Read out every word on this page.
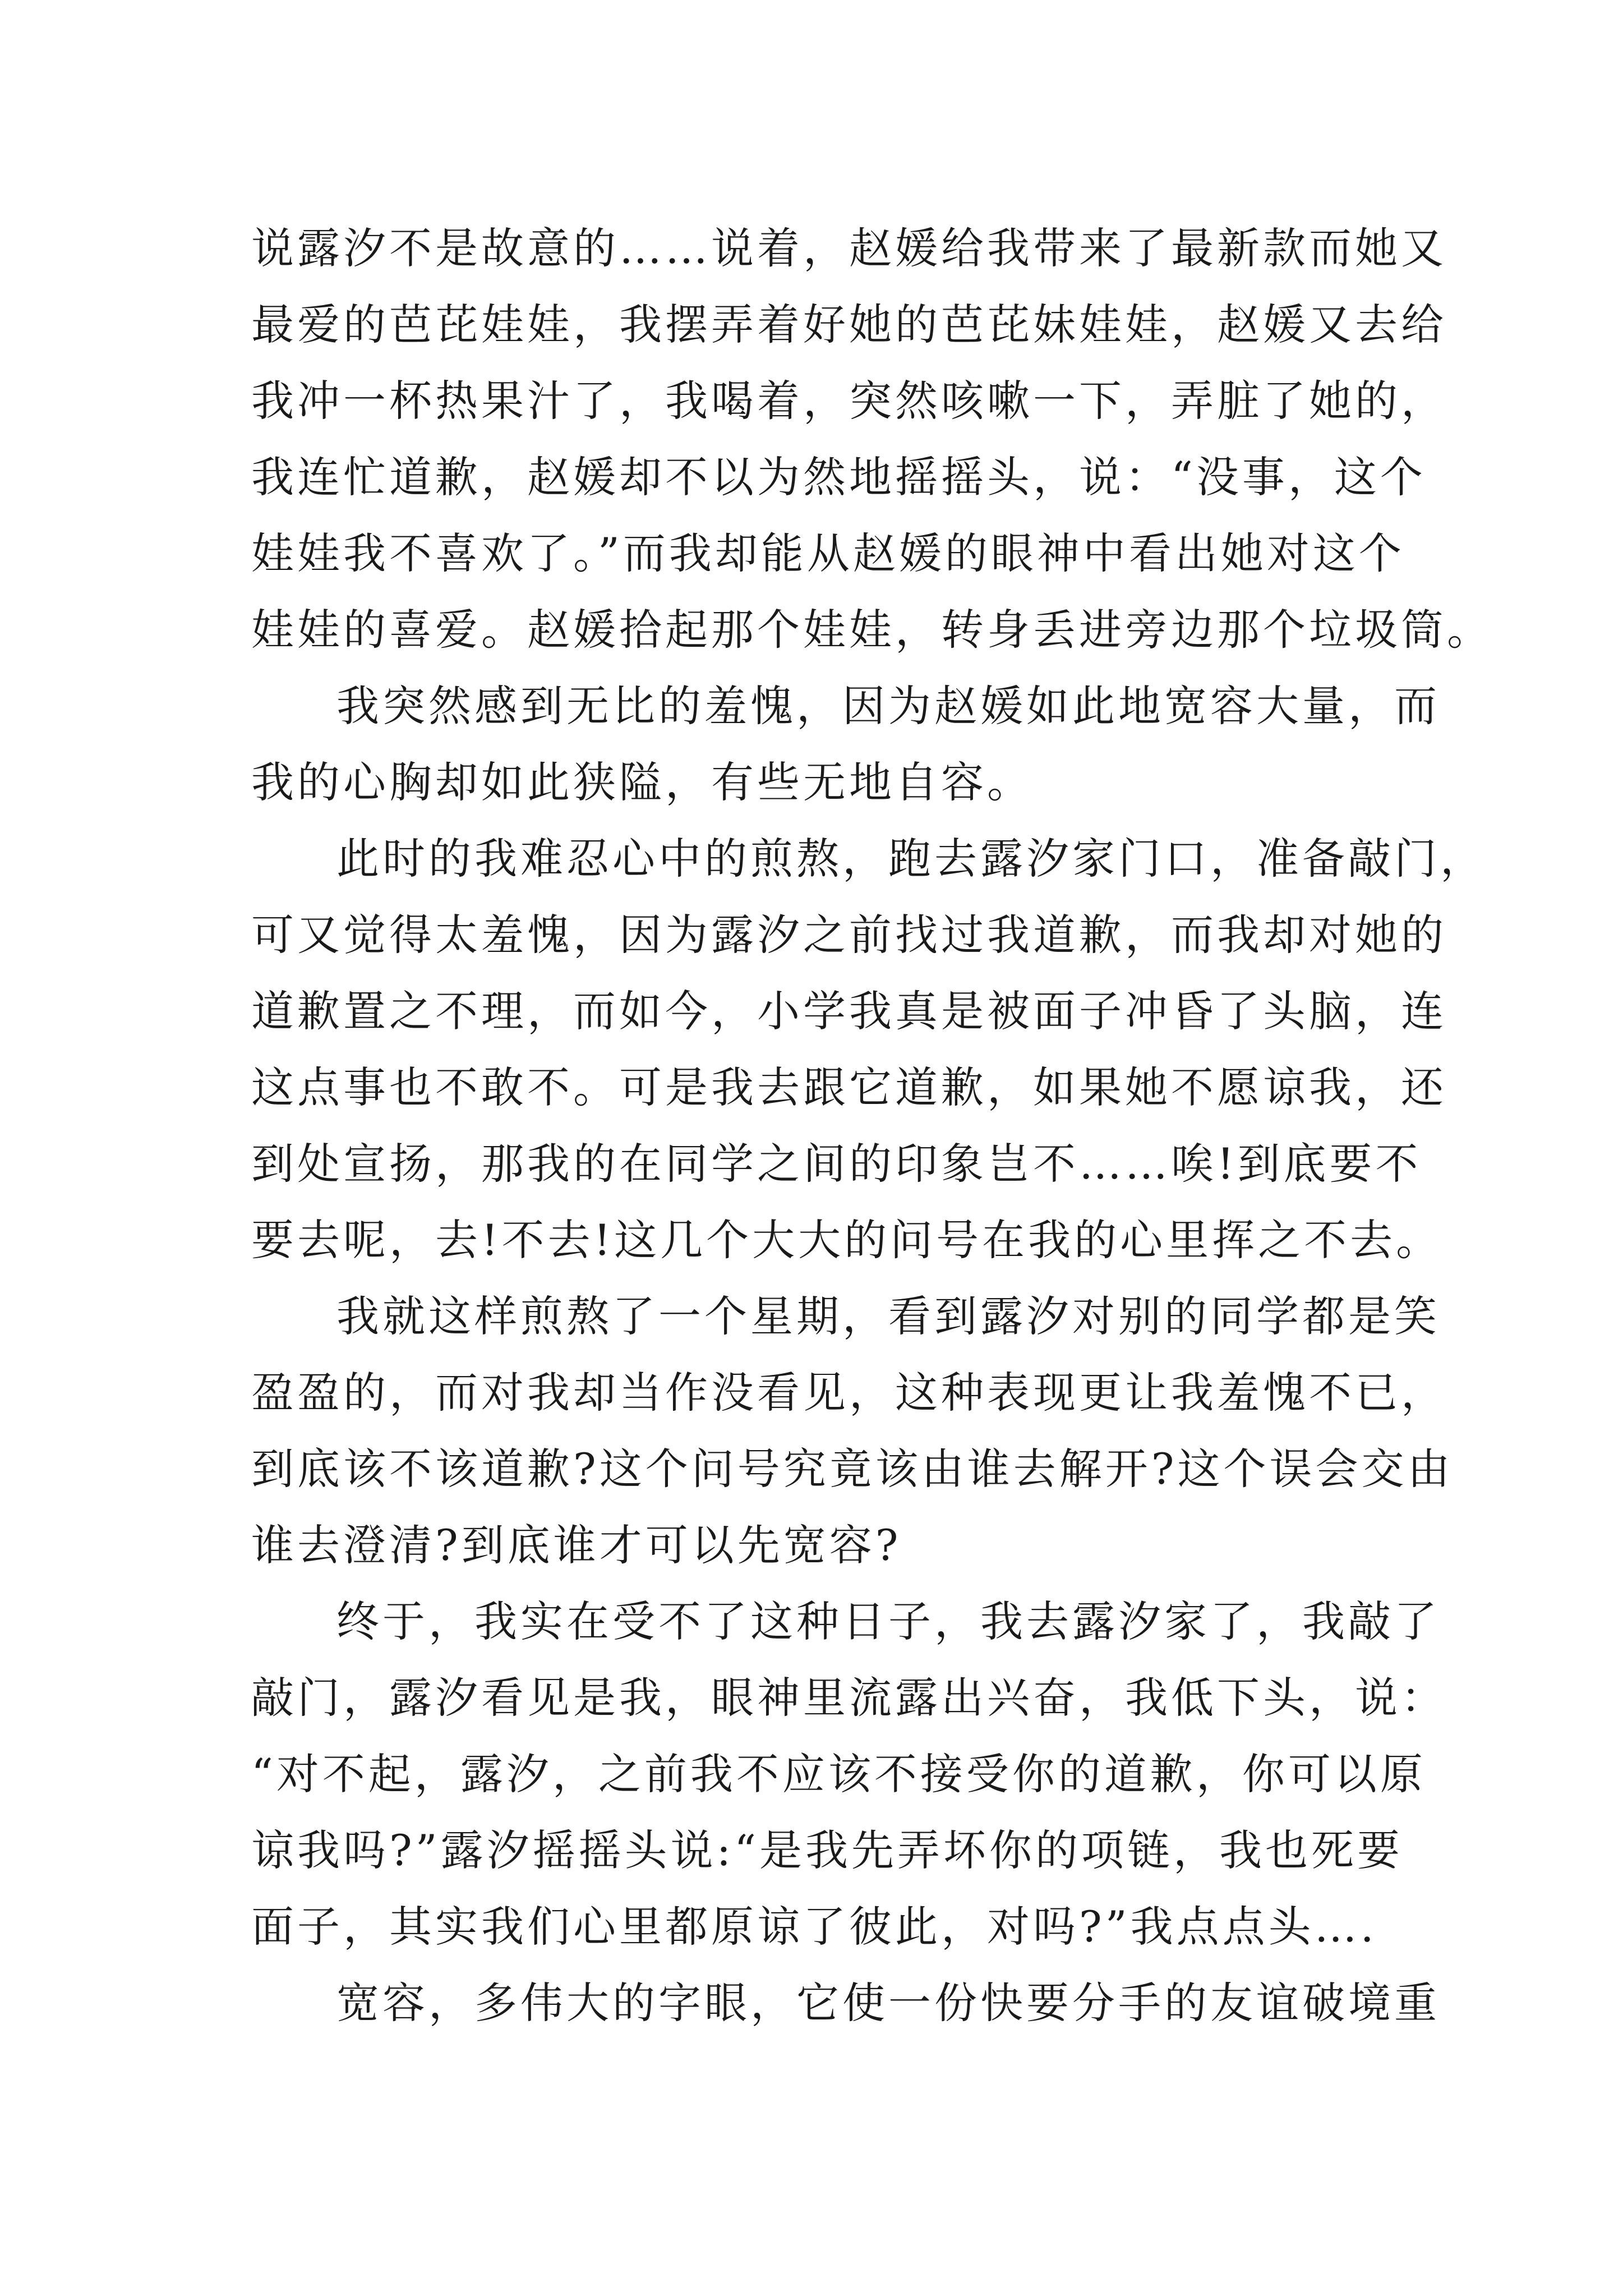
说露汐不是故意的……说着，赵媛给我带来了最新款而她又
最爱的芭芘娃娃，我摆弄着好她的芭芘妹娃娃，赵媛又去给
我冲一杯热果汁了，我喝着，突然咳嗽一下，弄脏了她的，
我连忙道歉，赵媛却不以为然地摇摇头，说：“没事，这个
娃娃我不喜欢了。”而我却能从赵媛的眼神中看出她对这个
娃娃的喜爱。赵媛拾起那个娃娃，转身丢进旁边那个垃圾筒。
我突然感到无比的羞愧，因为赵媛如此地宽容大量，而
我的心胸却如此狭隘，有些无地自容。
此时的我难忍心中的煎熬，跑去露汐家门口，准备敲门，
可又觉得太羞愧，因为露汐之前找过我道歉，而我却对她的
道歉置之不理，而如今，小学我真是被面子冲昏了头脑，连
这点事也不敢不。可是我去跟它道歉，如果她不愿谅我，还
到处宣扬，那我的在同学之间的印象岂不……唉!到底要不
要去呢，去!不去!这几个大大的问号在我的心里挥之不去。
我就这样煎熬了一个星期，看到露汐对别的同学都是笑
盈盈的，而对我却当作没看见，这种表现更让我羞愧不已，
到底该不该道歉?这个问号究竟该由谁去解开?这个误会交由
谁去澄清?到底谁才可以先宽容?
终于，我实在受不了这种日子，我去露汐家了，我敲了
敲门，露汐看见是我，眼神里流露出兴奋，我低下头，说：
“对不起，露汐，之前我不应该不接受你的道歉，你可以原
谅我吗?”露汐摇摇头说:“是我先弄坏你的项链，我也死要
面子，其实我们心里都原谅了彼此，对吗?”我点点头….
宽容，多伟大的字眼，它使一份快要分手的友谊破境重
